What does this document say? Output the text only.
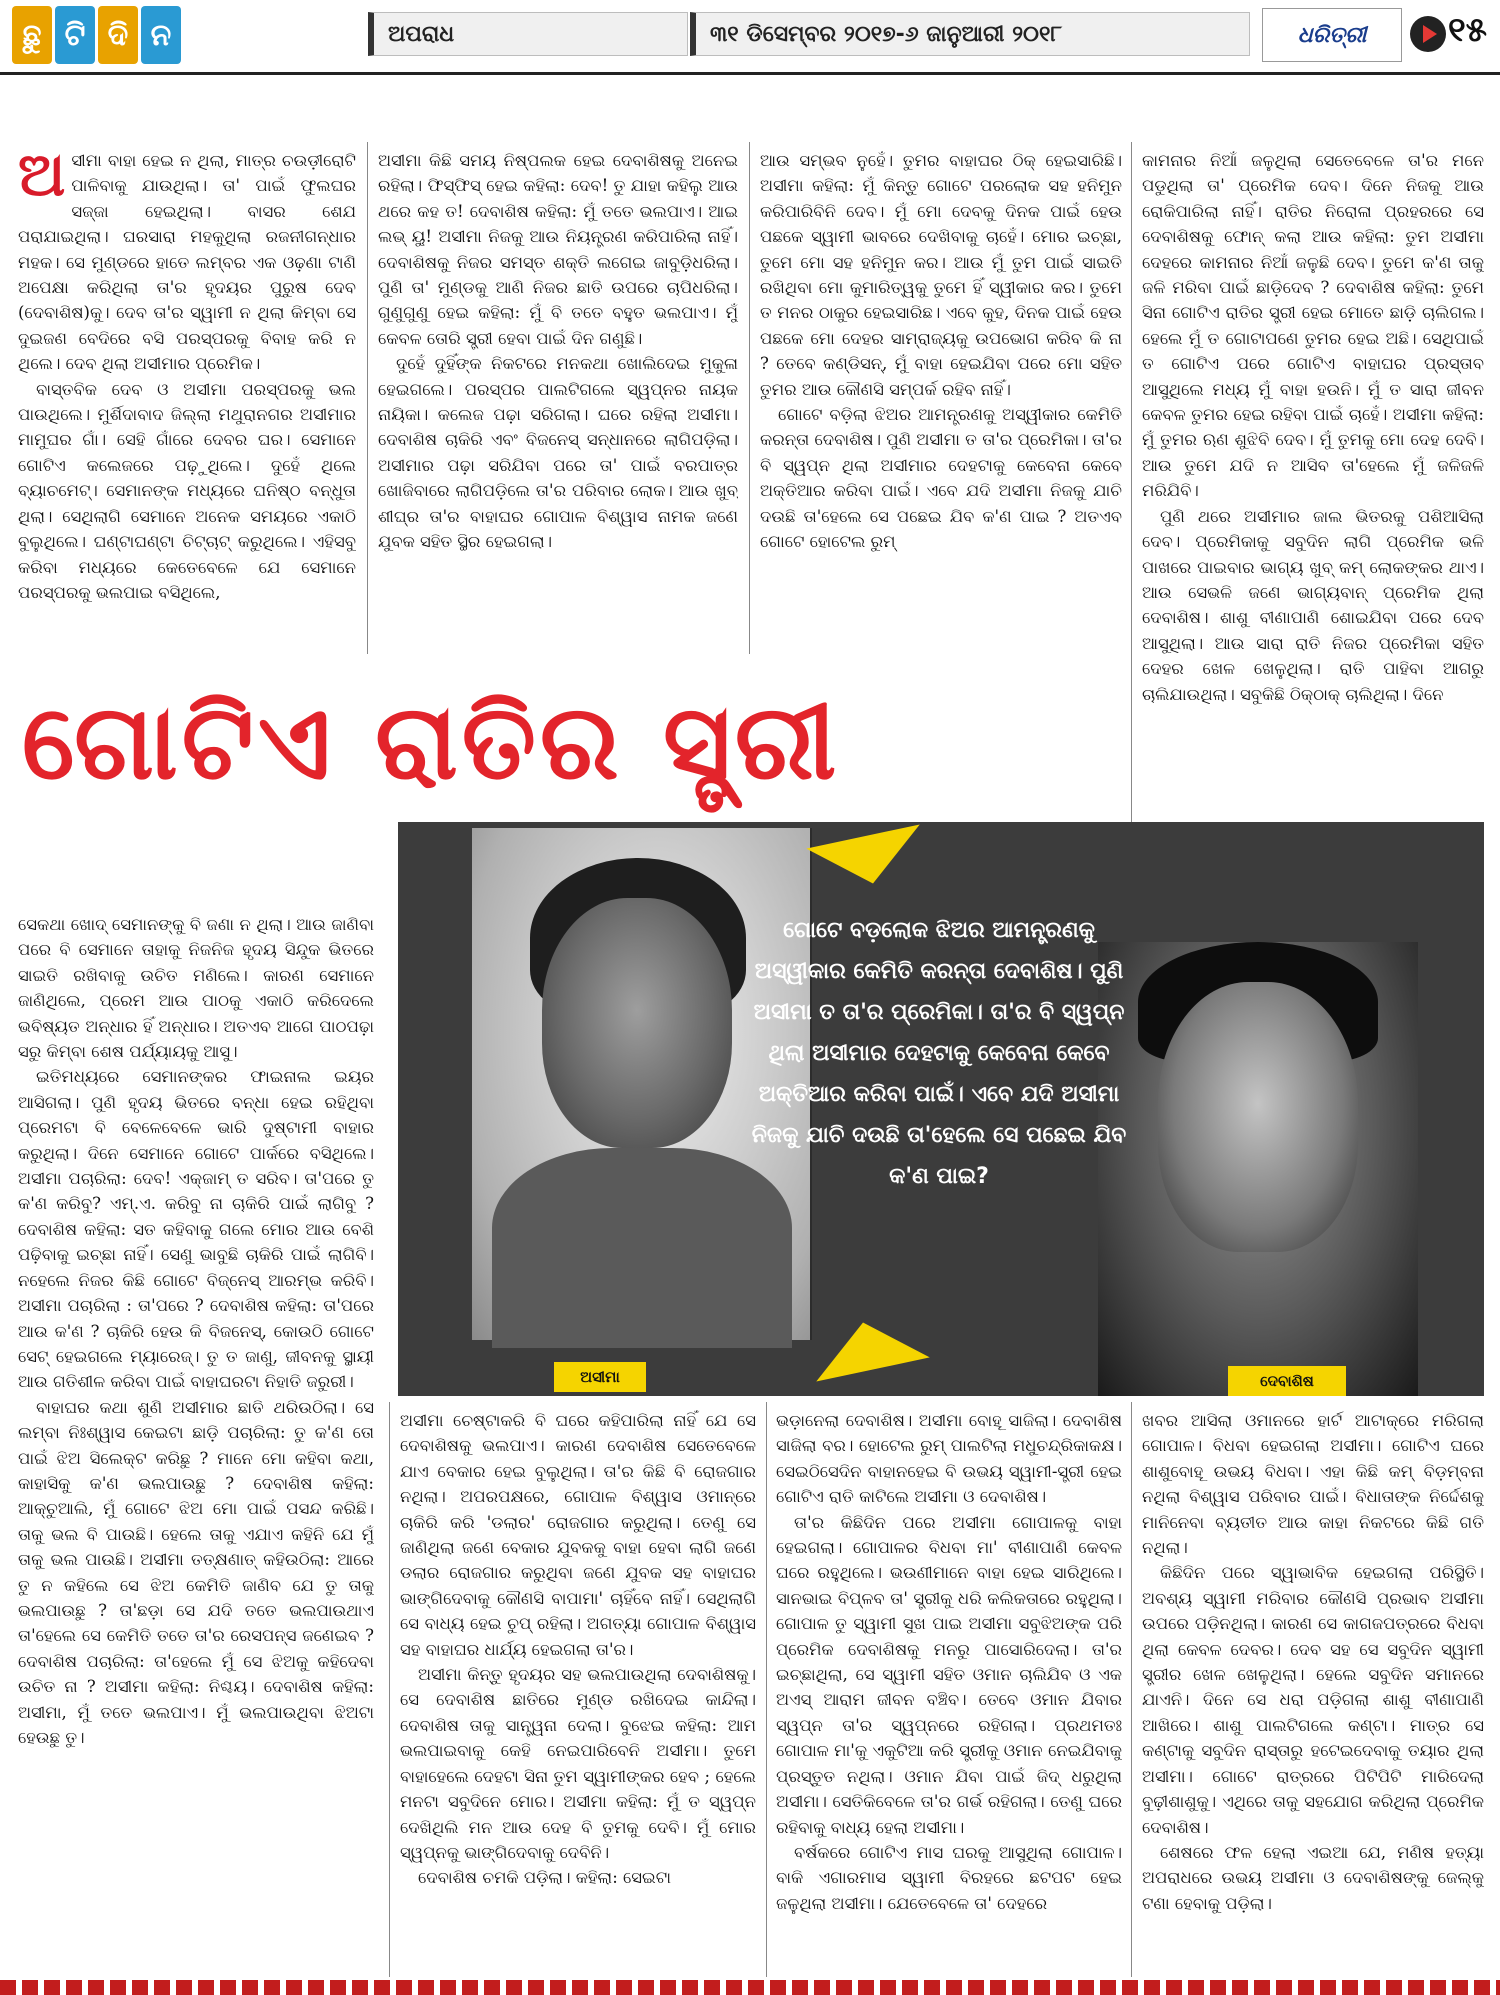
ଛୁ ଟି ଦି ନ	ଅପରାଧ	୩୧ ଡିସେମ୍ବର ୨୦୧୭-୬ ଜାନୁଆରୀ ୨୦୧୮	ଧରିତ୍ରୀ ୧୫

ଅସୀମା ବାହା ହେଇ ନ ଥିଲା, ମାତ୍ର ଚଉଡ଼ୀରୋଟି ପାଳିବାକୁ ଯାଉଥିଲା। ତା' ପାଇଁ ଫୁଲଘର ସଜ୍ଜା ହେଇଥିଲା। ବାସର ଶେଯ ପରାଯାଇଥିଲା। ଘରସାରା ମହକୁଥିଲା ରଜନୀଗନ୍ଧାର ମହକ। ସେ ମୁଣ୍ଡରେ ହାତେ ଲମ୍ବର ଏକ ଓଢ଼ଣା ଟାଣି ଅପେକ୍ଷା କରିଥିଲା ତା'ର ହୃଦୟର ପୁରୁଷ ଦେବ (ଦେବାଶିଷ)କୁ। ଦେବ ତା'ର ସ୍ୱାମୀ ନ ଥିଲା କିମ୍ବା ସେ ଦୁଇଜଣ ବେଦିରେ ବସି ପରସ୍ପରକୁ ବିବାହ କରି ନ ଥିଲେ। ଦେବ ଥିଲା ଅସୀମାର ପ୍ରେମିକ।

ବାସ୍ତବିକ ଦେବ ଓ ଅସୀମା ପରସ୍ପରକୁ ଭଲ ପାଉଥିଲେ। ମୁର୍ଶିଦାବାଦ ଜିଲ୍ଲା ମଥୁରାନଗର ଅସୀମାର ମାମୁଘର ଗାଁ। ସେହି ଗାଁରେ ଦେବର ଘର। ସେମାନେ ଗୋଟିଏ କଲେଜରେ ପଢ଼ୁଥିଲେ। ଦୁହେଁ ଥିଲେ ବ୍ୟାଚମେଟ୍। ସେମାନଙ୍କ ମଧ୍ୟରେ ଘନିଷ୍ଠ ବନ୍ଧୁତା ଥିଲା। ସେଥିଲାଗି ସେମାନେ ଅନେକ ସମୟରେ ଏକାଠି ବୁଲୁଥିଲେ। ଘଣ୍ଟାଘଣ୍ଟା ଚିଟ୍‌ଚାଟ୍ କରୁଥିଲେ। ଏହିସବୁ କରିବା ମଧ୍ୟରେ କେତେବେଳେ ଯେ ସେମାନେ ପରସ୍ପରକୁ ଭଲପାଇ ବସିଥିଲେ,

ଅସୀମା କିଛି ସମୟ ନିଷ୍ପଲକ ହେଇ ଦେବାଶିଷକୁ ଅନେଇ ରହିଲା। ଫିସ୍‌ଫିସ୍ ହେଇ କହିଲା: ଦେବ! ତୁ ଯାହା କହିଲୁ ଆଉ ଥରେ କହ ତ! ଦେବାଶିଷ କହିଲା: ମୁଁ ତତେ ଭଲପାଏ। ଆଇ ଲଭ୍ ୟୁ! ଅସୀମା ନିଜକୁ ଆଉ ନିୟନ୍ତ୍ରଣ କରିପାରିଲା ନାହିଁ। ଦେବାଶିଷକୁ ନିଜର ସମସ୍ତ ଶକ୍ତି ଲଗେଇ ଜାବୁଡ଼ିଧରିଲା। ପୁଣି ତା' ମୁଣ୍ଡକୁ ଆଣି ନିଜର ଛାତି ଉପରେ ଚାପିଧରିଲା। ଗୁଣୁଗୁଣୁ ହେଇ କହିଲା: ମୁଁ ବି ତତେ ବହୁତ ଭଲପାଏ। ମୁଁ କେବଳ ତୋରି ସ୍ତ୍ରୀ ହେବା ପାଇଁ ଦିନ ଗଣୁଛି।

ଦୁହେଁ ଦୁହିଁଙ୍କ ନିକଟରେ ମନକଥା ଖୋଲିଦେଇ ମୁକୁଳା ହେଇଗଲେ। ପରସ୍ପର ପାଲଟିଗଲେ ସ୍ୱପ୍ନର ନାୟକ ନାୟିକା। କଲେଜ ପଢ଼ା ସରିଗଲା। ଘରେ ରହିଲା ଅସୀମା। ଦେବାଶିଷ ଚାକିରି ଏବଂ ବିଜନେସ୍ ସନ୍ଧାନରେ ଲାଗିପଡ଼ିଲା। ଅସୀମାର ପଢ଼ା ସରିଯିବା ପରେ ତା' ପାଇଁ ବରପାତ୍ର ଖୋଜିବାରେ ଲାଗିପଡ଼ିଲେ ତା'ର ପରିବାର ଲୋକ। ଆଉ ଖୁବ୍ ଶୀଘ୍ର ତା'ର ବାହାଘର ଗୋପାଳ ବିଶ୍ୱାସ ନାମକ ଜଣେ ଯୁବକ ସହିତ ସ୍ଥିର ହେଇଗଲା।

ଆଉ ସମ୍ଭବ ନୁହେଁ। ତୁମର ବାହାଘର ଠିକ୍ ହେଇସାରିଛି। ଅସୀମା କହିଲା: ମୁଁ କିନ୍ତୁ ଗୋଟେ ପରଲୋକ ସହ ହନିମୁନ କରିପାରିବିନି ଦେବ। ମୁଁ ମୋ ଦେବକୁ ଦିନକ ପାଇଁ ହେଉ ପଛକେ ସ୍ୱାମୀ ଭାବରେ ଦେଖିବାକୁ ଚାହେଁ। ମୋର ଇଚ୍ଛା, ତୁମେ ମୋ ସହ ହନିମୁନ କର। ଆଉ ମୁଁ ତୁମ ପାଇଁ ସାଇତି ରଖିଥିବା ମୋ କୁମାରିତ୍ୱକୁ ତୁମେ ହିଁ ସ୍ୱୀକାର କର। ତୁମେ ତ ମନର ଠାକୁର ହେଇସାରିଛ। ଏବେ କୁହ, ଦିନକ ପାଇଁ ହେଉ ପଛକେ ମୋ ଦେହର ସାମ୍ରାଜ୍ୟକୁ ଉପଭୋଗ କରିବ କି ନା ? ତେବେ କଣ୍ଡିସନ୍, ମୁଁ ବାହା ହେଇଯିବା ପରେ ମୋ ସହିତ ତୁମର ଆଉ କୌଣସି ସମ୍ପର୍କ ରହିବ ନାହିଁ।

ଗୋଟେ ବଡ଼ିଲା ଝିଅର ଆମନ୍ତ୍ରଣକୁ ଅସ୍ୱୀକାର କେମିତି କରନ୍ତା ଦେବାଶିଷ। ପୁଣି ଅସୀମା ତ ତା'ର ପ୍ରେମିକା। ତା'ର ବି ସ୍ୱପ୍ନ ଥିଲା ଅସୀମାର ଦେହଟାକୁ କେବେନା କେବେ ଅକ୍ତିଆର କରିବା ପାଇଁ। ଏବେ ଯଦି ଅସୀମା ନିଜକୁ ଯାଚି ଦଉଛି ତା'ହେଲେ ସେ ପଛେଇ ଯିବ କ'ଣ ପାଇ ? ଅତଏବ ଗୋଟେ ହୋଟେଲ ରୁମ୍

କାମନାର ନିଆଁ ଜଳୁଥିଲା ସେତେବେଳେ ତା'ର ମନେ ପଡୁଥିଲା ତା' ପ୍ରେମିକ ଦେବ। ଦିନେ ନିଜକୁ ଆଉ ରୋକିପାରିଲା ନାହିଁ। ରାତିର ନିରୋଳା ପ୍ରହରରେ ସେ ଦେବାଶିଷକୁ ଫୋନ୍ କଲା ଆଉ କହିଲା: ତୁମ ଅସୀମା ଦେହରେ କାମନାର ନିଆଁ ଜଳୁଛି ଦେବ। ତୁମେ କ'ଣ ତାକୁ ଜଳି ମରିବା ପାଇଁ ଛାଡ଼ିଦେବ ? ଦେବାଶିଷ କହିଲା: ତୁମେ ସିନା ଗୋଟିଏ ରାତିର ସ୍ତ୍ରୀ ହେଇ ମୋତେ ଛାଡ଼ି ଚାଲିଗଲ। ହେଲେ ମୁଁ ତ ଗୋଟାପଣେ ତୁମର ହେଇ ଅଛି। ସେଥିପାଇଁ ତ ଗୋଟିଏ ପରେ ଗୋଟିଏ ବାହାଘର ପ୍ରସ୍ତାବ ଆସୁଥିଲେ ମଧ୍ୟ ମୁଁ ବାହା ହଉନି। ମୁଁ ତ ସାରା ଜୀବନ କେବଳ ତୁମର ହେଇ ରହିବା ପାଇଁ ଚାହେଁ। ଅସୀମା କହିଲା: ମୁଁ ତୁମର ଋଣ ଶୁଝିବି ଦେବ। ମୁଁ ତୁମକୁ ମୋ ଦେହ ଦେବି। ଆଉ ତୁମେ ଯଦି ନ ଆସିବ ତା'ହେଲେ ମୁଁ ଜଳିଜଳି ମରିଯିବି।

ପୁଣି ଥରେ ଅସୀମାର ଜାଲ ଭିତରକୁ ପଶିଆସିଲା ଦେବ। ପ୍ରେମିକାକୁ ସବୁଦିନ ଲାଗି ପ୍ରେମିକ ଭଳି ପାଖରେ ପାଇବାର ଭାଗ୍ୟ ଖୁବ୍ କମ୍ ଲୋକଙ୍କର ଥାଏ। ଆଉ ସେଭଳି ଜଣେ ଭାଗ୍ୟବାନ୍ ପ୍ରେମିକ ଥିଲା ଦେବାଶିଷ। ଶାଶୁ ବୀଣାପାଣି ଶୋଇଯିବା ପରେ ଦେବ ଆସୁଥିଲା। ଆଉ ସାରା ରାତି ନିଜର ପ୍ରେମିକା ସହିତ ଦେହର ଖେଳ ଖେଳୁଥିଲା। ରାତି ପାହିବା ଆଗରୁ ଚାଲିଯାଉଥିଲା। ସବୁକିଛି ଠିକ୍‌ଠାକ୍ ଚାଲିଥିଲା। ଦିନେ

ଗୋଟିଏ ରାତିର ସ୍ତ୍ରୀ
ଗୋଟେ ବଡ଼ଲୋକ ଝିଅର ଆମନ୍ତ୍ରଣକୁ ଅସ୍ୱୀକାର କେମିତି କରନ୍ତା ଦେବାଶିଷ। ପୁଣି ଅସୀମା ତ ତା'ର ପ୍ରେମିକା। ତା'ର ବି ସ୍ୱପ୍ନ ଥିଲା ଅସୀମାର ଦେହଟାକୁ କେବେନା କେବେ ଅକ୍ତିଆର କରିବା ପାଇଁ। ଏବେ ଯଦି ଅସୀମା ନିଜକୁ ଯାଚି ଦଉଛି ତା'ହେଲେ ସେ ପଛେଇ ଯିବ କ'ଣ ପାଇ?
ଅସୀମା	ଦେବାଶିଷ

ସେକଥା ଖୋଦ୍ ସେମାନଙ୍କୁ ବି ଜଣା ନ ଥିଲା। ଆଉ ଜାଣିବା ପରେ ବି ସେମାନେ ତାହାକୁ ନିଜନିଜ ହୃଦୟ ସିନ୍ଦୁକ ଭିତରେ ସାଇତି ରଖିବାକୁ ଉଚିତ ମଣିଲେ। କାରଣ ସେମାନେ ଜାଣିଥିଲେ, ପ୍ରେମ ଆଉ ପାଠକୁ ଏକାଠି କରିଦେଲେ ଭବିଷ୍ୟତ ଅନ୍ଧାର ହିଁ ଅନ୍ଧାର। ଅତଏବ ଆଗେ ପାଠପଢ଼ା ସରୁ କିମ୍ବା ଶେଷ ପର୍ଯ୍ୟାୟକୁ ଆସୁ।

ଇତିମଧ୍ୟରେ ସେମାନଙ୍କର ଫାଇନାଲ ଇୟର ଆସିଗଲା। ପୁଣି ହୃଦୟ ଭିତରେ ବନ୍ଧା ହେଇ ରହିଥିବା ପ୍ରେମଟା ବି ବେଳେବେଳେ ଭାରି ଦୁଷ୍ଟାମୀ ବାହାର କରୁଥିଲା। ଦିନେ ସେମାନେ ଗୋଟେ ପାର୍କରେ ବସିଥିଲେ। ଅସୀମା ପଚାରିଲା: ଦେବ! ଏକ୍‌ଜାମ୍ ତ ସରିବ। ତା'ପରେ ତୁ କ'ଣ କରିବୁ? ଏମ୍.ଏ. କରିବୁ ନା ଚାକିରି ପାଇଁ ଲାଗିବୁ ? ଦେବାଶିଷ କହିଲା: ସତ କହିବାକୁ ଗଲେ ମୋର ଆଉ ବେଶି ପଢ଼ିବାକୁ ଇଚ୍ଛା ନାହିଁ। ସେଣୁ ଭାବୁଛି ଚାକିରି ପାଇଁ ଲାଗିବି। ନହେଲେ ନିଜର କିଛି ଗୋଟେ ବିଜ୍‌ନେସ୍ ଆରମ୍ଭ କରିବି। ଅସୀମା ପଚାରିଲା : ତା'ପରେ ? ଦେବାଶିଷ କହିଲା: ତା'ପରେ ଆଉ କ'ଣ ? ଚାକିରି ହେଉ କି ବିଜନେସ୍, କୋଉଠି ଗୋଟେ ସେଟ୍ ହେଇଗଲେ ମ୍ୟାରେଜ୍। ତୁ ତ ଜାଣୁ, ଜୀବନକୁ ସ୍ଥାୟୀ ଆଉ ଗତିଶୀଳ କରିବା ପାଇଁ ବାହାଘରଟା ନିହାତି ଜରୁରୀ।

ବାହାଘର କଥା ଶୁଣି ଅସୀମାର ଛାତି ଥରିଉଠିଲା। ସେ ଲମ୍ବା ନିଃଶ୍ୱାସ କେଇଟା ଛାଡ଼ି ପଚାରିଲା: ତୁ କ'ଣ ତୋ ପାଇଁ ଝିଅ ସିଲେକ୍ଟ କରିଛୁ ? ମାନେ ମୋ କହିବା କଥା, କାହାସିକୁ କ'ଣ ଭଲପାଉଛୁ ? ଦେବାଶିଷ କହିଲା: ଆକ୍ଚୁଆଲି, ମୁଁ ଗୋଟେ ଝିଅ ମୋ ପାଇଁ ପସନ୍ଦ କରିଛି। ତାକୁ ଭଲ ବି ପାଉଛି। ହେଲେ ତାକୁ ଏଯାଏ କହିନି ଯେ ମୁଁ ତାକୁ ଭଲ ପାଉଛି। ଅସୀମା ତତ୍‌କ୍ଷଣାତ୍ କହିଉଠିଲା: ଆରେ ତୁ ନ କହିଲେ ସେ ଝିଅ କେମିତି ଜାଣିବ ଯେ ତୁ ତାକୁ ଭଲପାଉଛୁ ? ତା'ଛଡ଼ା ସେ ଯଦି ତତେ ଭଲପାଉଥାଏ ତା'ହେଲେ ସେ କେମିତି ତତେ ତା'ର ରେସପନ୍ସ ଜଣେଇବ ? ଦେବାଶିଷ ପଚାରିଲା: ତା'ହେଲେ ମୁଁ ସେ ଝିଅକୁ କହିଦେବା ଉଚିତ ନା ? ଅସୀମା କହିଲା: ନିଶ୍ଚୟ। ଦେବାଶିଷ କହିଲା: ଅସୀମା, ମୁଁ ତତେ ଭଲପାଏ। ମୁଁ ଭଲପାଉଥିବା ଝିଅଟା ହେଉଛୁ ତୁ।

ଅସୀମା ଚେଷ୍ଟାକରି ବି ଘରେ କହିପାରିଲା ନାହିଁ ଯେ ସେ ଦେବାଶିଷକୁ ଭଲପାଏ। କାରଣ ଦେବାଶିଷ ସେତେବେଳେ ଯାଏ ବେକାର ହେଇ ବୁଲୁଥିଲା। ତା'ର କିଛି ବି ରୋଜଗାର ନଥିଲା। ଅପରପକ୍ଷରେ, ଗୋପାଳ ବିଶ୍ୱାସ ଓମାନ୍‌ରେ ଚାକିରି କରି 'ଡଲାର' ରୋଜଗାର କରୁଥିଲା। ତେଣୁ ସେ ଜାଣିଥିଲା ଜଣେ ବେକାର ଯୁବକକୁ ବାହା ହେବା ଲାଗି ଜଣେ ଡଲାର ରୋଜଗାର କରୁଥିବା ଜଣେ ଯୁବକ ସହ ବାହାଘର ଭାଙ୍ଗିଦେବାକୁ କୌଣସି ବାପାମା' ଚାହିଁବେ ନାହିଁ। ସେଥିଲାଗି ସେ ବାଧ୍ୟ ହେଇ ଚୁପ୍ ରହିଲା। ଅଗତ୍ୟା ଗୋପାଳ ବିଶ୍ୱାସ ସହ ବାହାଘର ଧାର୍ଯ୍ୟ ହେଇଗଲା ତା'ର।

ଅସୀମା କିନ୍ତୁ ହୃଦୟର ସହ ଭଲପାଉଥିଲା ଦେବାଶିଷକୁ। ସେ ଦେବାଶିଷ ଛାତିରେ ମୁଣ୍ଡ ରଖିଦେଇ କାନ୍ଦିଲା। ଦେବାଶିଷ ତାକୁ ସାନ୍ତ୍ୱନା ଦେଲା। ବୁଝେଇ କହିଲା: ଆମ ଭଲପାଇବାକୁ କେହି ନେଇପାରିବେନି ଅସୀମା। ତୁମେ ବାହାହେଲେ ଦେହଟା ସିନା ତୁମ ସ୍ୱାମୀଙ୍କର ହେବ ; ହେଲେ ମନଟା ସବୁଦିନେ ମୋର। ଅସୀମା କହିଲା: ମୁଁ ତ ସ୍ୱପ୍ନ ଦେଖିଥିଲି ମନ ଆଉ ଦେହ ବି ତୁମକୁ ଦେବି। ମୁଁ ମୋର ସ୍ୱପ୍ନକୁ ଭାଙ୍ଗିଦେବାକୁ ଦେବିନି।

ଦେବାଶିଷ ଚମକି ପଡ଼ିଲା। କହିଲା: ସେଇଟା

ଭଡ଼ାନେଲା ଦେବାଶିଷ। ଅସୀମା ବୋହୂ ସାଜିଲା। ଦେବାଶିଷ ସାଜିଲା ବର। ହୋଟେଲ ରୁମ୍ ପାଲଟିଲା ମଧୁଚନ୍ଦ୍ରିକାକକ୍ଷ। ସେଇଠିସେଦିନ ବାହାନହେଇ ବି ଉଭୟ ସ୍ୱାମୀ-ସ୍ତ୍ରୀ ହେଇ ଗୋଟିଏ ରାତି କାଟିଲେ ଅସୀମା ଓ ଦେବାଶିଷ।

ତା'ର କିଛିଦିନ ପରେ ଅସୀମା ଗୋପାଳକୁ ବାହା ହେଇଗଲା। ଗୋପାଳର ବିଧବା ମା' ବୀଣାପାଣି କେବଳ ଘରେ ରହୁଥିଲେ। ଭଉଣୀମାନେ ବାହା ହେଇ ସାରିଥିଲେ। ସାନଭାଇ ବିପ୍ଳବ ତା' ସ୍ତ୍ରୀକୁ ଧରି କଲିକତାରେ ରହୁଥିଲା। ଗୋପାଳ ତୁ ସ୍ୱାମୀ ସୁଖ ପାଇ ଅସୀମା ସବୁଝିଅଙ୍କ ପରି ପ୍ରେମିକ ଦେବାଶିଷକୁ ମନରୁ ପାସୋରିଦେଲା। ତା'ର ଇଚ୍ଛାଥିଲା, ସେ ସ୍ୱାମୀ ସହିତ ଓମାନ ଚାଲିଯିବ ଓ ଏକ ଅଏସ୍ ଆରାମ ଜୀବନ ବଞ୍ଚିବ। ତେବେ ଓମାନ ଯିବାର ସ୍ୱପ୍ନ ତା'ର ସ୍ୱପ୍ନରେ ରହିଗଲା। ପ୍ରଥମତଃ ଗୋପାଳ ମା'କୁ ଏକୁଟିଆ କରି ସ୍ତ୍ରୀକୁ ଓମାନ ନେଇଯିବାକୁ ପ୍ରସ୍ତୁତ ନଥିଲା। ଓମାନ ଯିବା ପାଇଁ ଜିଦ୍ ଧରୁଥିଲା ଅସୀମା। ସେତିକିବେଳେ ତା'ର ଗର୍ଭ ରହିଗଲା। ତେଣୁ ଘରେ ରହିବାକୁ ବାଧ୍ୟ ହେଲା ଅସୀମା।

ବର୍ଷକରେ ଗୋଟିଏ ମାସ ଘରକୁ ଆସୁଥିଲା ଗୋପାଳ। ବାକି ଏଗାରମାସ ସ୍ୱାମୀ ବିରହରେ ଛଟପଟ ହେଇ ଜଳୁଥିଲା ଅସୀମା। ଯେତେବେଳେ ତା' ଦେହରେ

ଖବର ଆସିଲା ଓମାନରେ ହାର୍ଟ ଆଟାକ୍‌ରେ ମରିଗଲା ଗୋପାଳ। ବିଧବା ହେଇଗଲା ଅସୀମା। ଗୋଟିଏ ଘରେ ଶାଶୁବୋହୂ ଉଭୟ ବିଧବା। ଏହା କିଛି କମ୍ ବିଡ଼ମ୍ବନା ନଥିଲା ବିଶ୍ୱାସ ପରିବାର ପାଇଁ। ବିଧାତାଙ୍କ ନିର୍ଦ୍ଦେଶକୁ ମାନିନେବା ବ୍ୟତୀତ ଆଉ କାହା ନିକଟରେ କିଛି ଗତି ନଥିଲା।

କିଛିଦିନ ପରେ ସ୍ୱାଭାବିକ ହେଇଗଲା ପରିସ୍ଥିତି। ଅବଶ୍ୟ ସ୍ୱାମୀ ମରିବାର କୌଣସି ପ୍ରଭାବ ଅସୀମା ଉପରେ ପଡ଼ିନଥିଲା। କାରଣ ସେ କାଗଜପତ୍ରରେ ବିଧବା ଥିଲା କେବଳ ଦେବର। ଦେବ ସହ ସେ ସବୁଦିନ ସ୍ୱାମୀ ସ୍ତ୍ରୀର ଖେଳ ଖେଳୁଥିଲା। ହେଲେ ସବୁଦିନ ସମାନରେ ଯାଏନି। ଦିନେ ସେ ଧରା ପଡ଼ିଗଲା ଶାଶୁ ବୀଣାପାଣି ଆଖିରେ। ଶାଶୁ ପାଲଟିଗଲେ କଣ୍ଟା। ମାତ୍ର ସେ କଣ୍ଟାକୁ ସବୁଦିନ ରାସ୍ତାରୁ ହଟେଇଦେବାକୁ ତୟାର ଥିଲା ଅସୀମା। ଗୋଟେ ରାତ୍ରରେ ପିଟିପିଟି ମାରିଦେଲା ବୁଢ଼ୀଶାଶୁକୁ। ଏଥିରେ ତାକୁ ସହଯୋଗ କରିଥିଲା ପ୍ରେମିକ ଦେବାଶିଷ।

ଶେଷରେ ଫଳ ହେଲା ଏଇଆ ଯେ, ମଣିଷ ହତ୍ୟା ଅପରାଧରେ ଉଭୟ ଅସୀମା ଓ ଦେବାଶିଷଙ୍କୁ ଜେଲ୍‌କୁ ଟଣା ହେବାକୁ ପଡ଼ିଲା।
